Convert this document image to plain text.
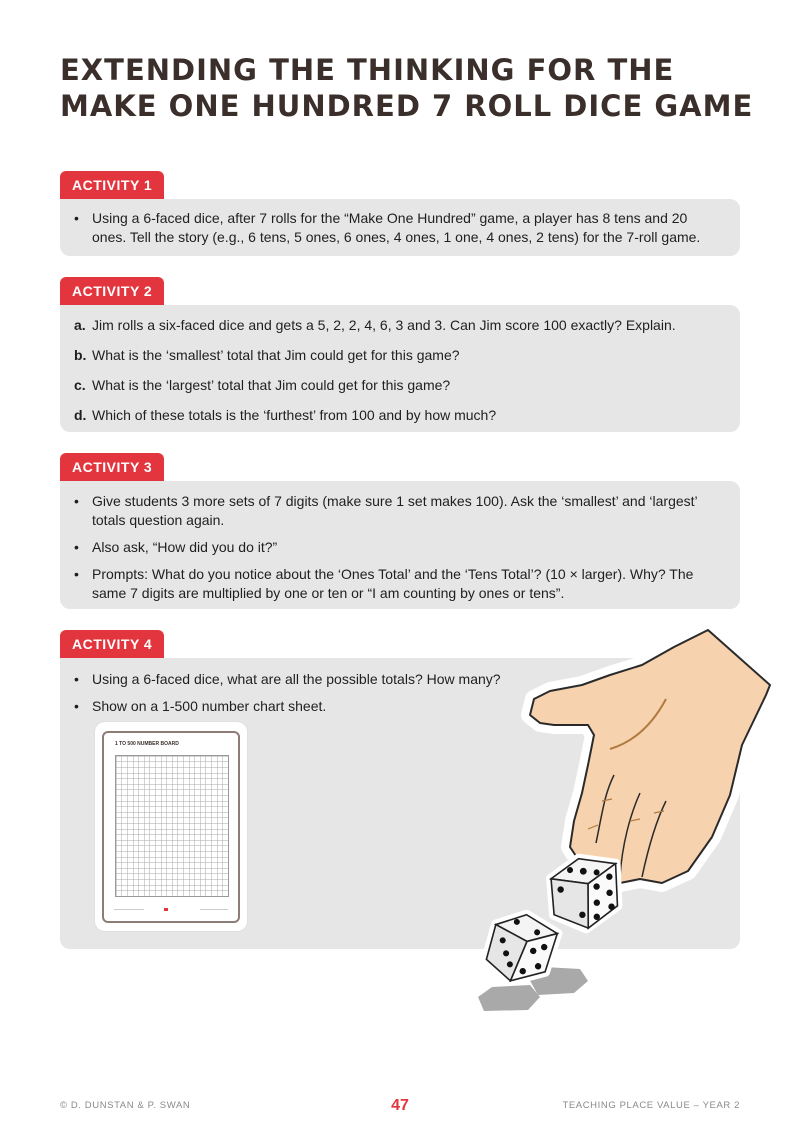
EXTENDING THE THINKING FOR THE
MAKE ONE HUNDRED 7 ROLL DICE GAME
ACTIVITY 1
• Using a 6-faced dice, after 7 rolls for the “Make One Hundred” game, a player has 8 tens and 20 ones. Tell the story (e.g., 6 tens, 5 ones, 6 ones, 4 ones, 1 one, 4 ones, 2 tens) for the 7-roll game.
ACTIVITY 2
a. Jim rolls a six-faced dice and gets a 5, 2, 2, 4, 6, 3 and 3. Can Jim score 100 exactly? Explain.
b. What is the ‘smallest’ total that Jim could get for this game?
c. What is the ‘largest’ total that Jim could get for this game?
d. Which of these totals is the ‘furthest’ from 100 and by how much?
ACTIVITY 3
• Give students 3 more sets of 7 digits (make sure 1 set makes 100). Ask the ‘smallest’ and ‘largest’ totals question again.
• Also ask, “How did you do it?”
• Prompts: What do you notice about the ‘Ones Total’ and the ‘Tens Total’? (10 × larger). Why? The same 7 digits are multiplied by one or ten or “I am counting by ones or tens”.
ACTIVITY 4
• Using a 6-faced dice, what are all the possible totals? How many?
• Show on a 1-500 number chart sheet.
1 TO 500 NUMBER BOARD
© D. DUNSTAN & P. SWAN	47	TEACHING PLACE VALUE – YEAR 2
